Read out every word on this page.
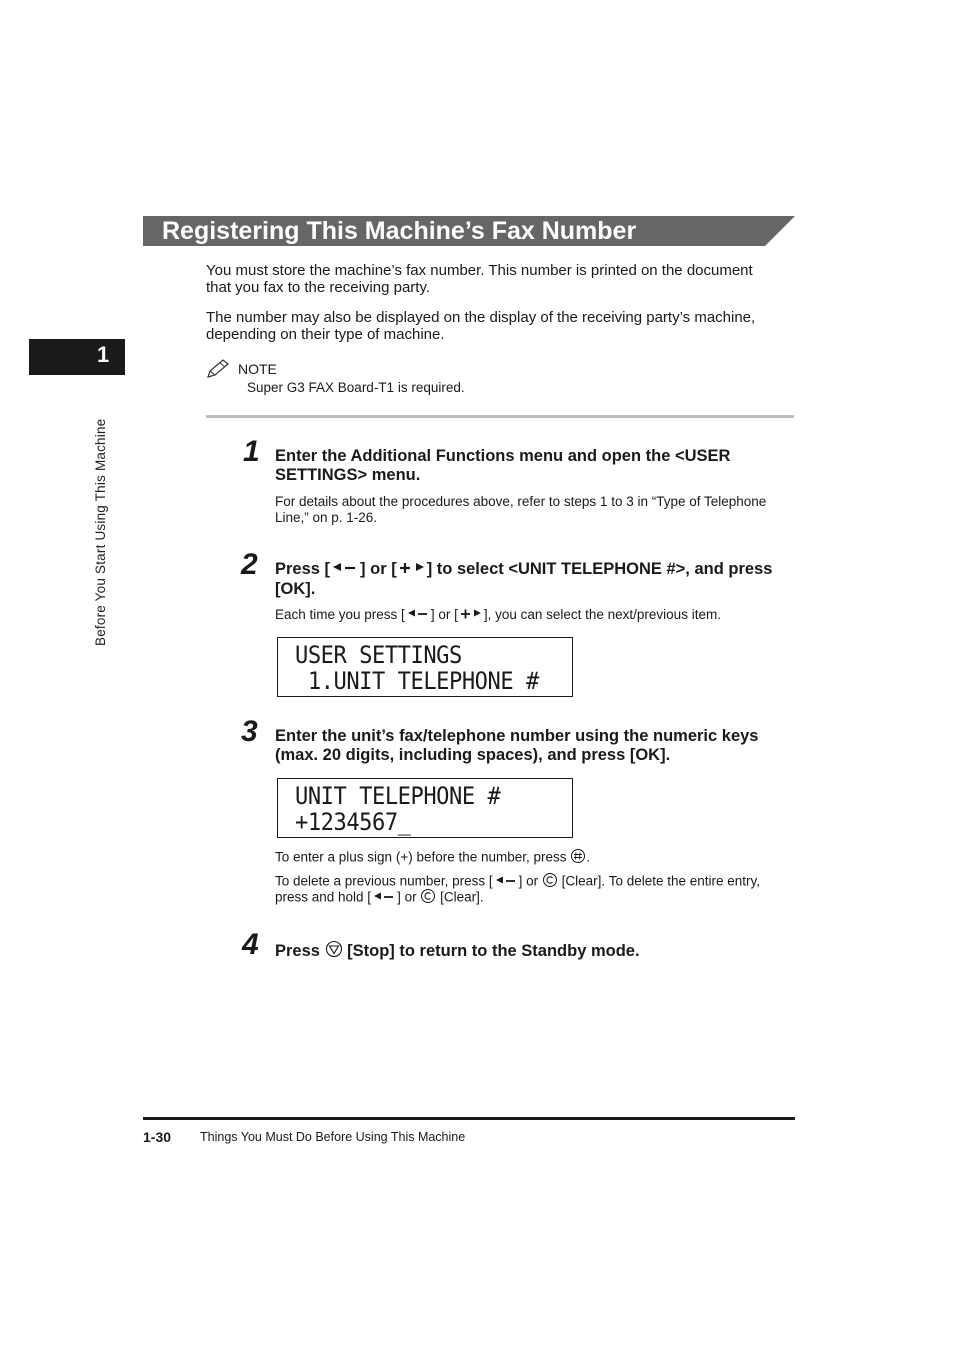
Registering This Machine’s Fax Number
1
Before You Start Using This Machine
You must store the machine’s fax number. This number is printed on the document
that you fax to the receiving party.
The number may also be displayed on the display of the receiving party’s machine,
depending on their type of machine.
NOTE
Super G3 FAX Board-T1 is required.
1 Enter the Additional Functions menu and open the <USER
SETTINGS> menu.
For details about the procedures above, refer to steps 1 to 3 in “Type of Telephone
Line,” on p. 1-26.
2 Press [ ] or [ ] to select <UNIT TELEPHONE #>, and press
[OK].
Each time you press [ ] or [ ], you can select the next/previous item.
USER SETTINGS
1.UNIT TELEPHONE #
3 Enter the unit’s fax/telephone number using the numeric keys
(max. 20 digits, including spaces), and press [OK].
UNIT TELEPHONE #
+1234567_
To enter a plus sign (+) before the number, press .
To delete a previous number, press [ ] or [Clear]. To delete the entire entry,
press and hold [ ] or [Clear].
4 Press [Stop] to return to the Standby mode.
1-30 Things You Must Do Before Using This Machine
